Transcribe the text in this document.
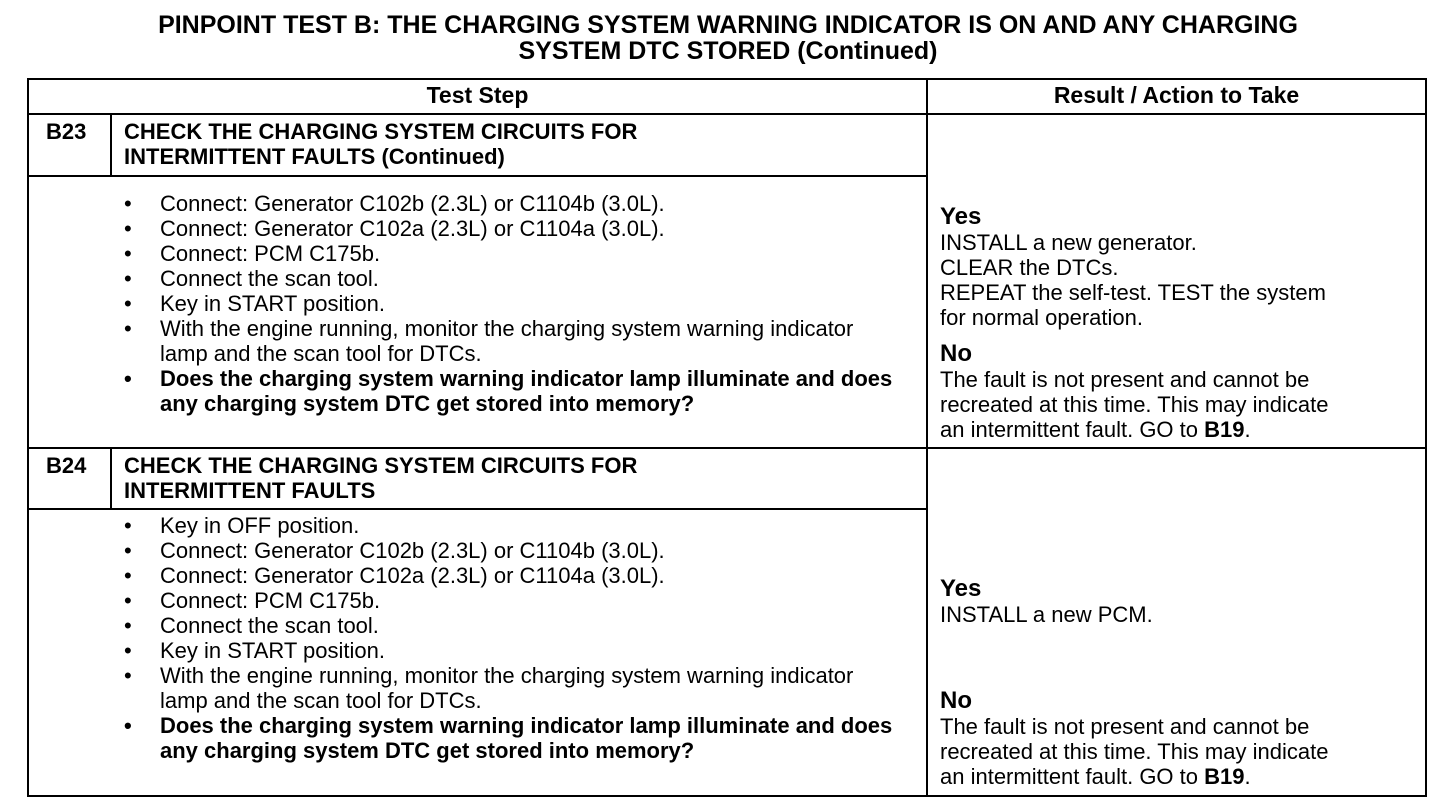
PINPOINT TEST B: THE CHARGING SYSTEM WARNING INDICATOR IS ON AND ANY CHARGING
SYSTEM DTC STORED (Continued)
Test Step	Result / Action to Take
B23 CHECK THE CHARGING SYSTEM CIRCUITS FOR
INTERMITTENT FAULTS (Continued)
• Connect: Generator C102b (2.3L) or C1104b (3.0L).
• Connect: Generator C102a (2.3L) or C1104a (3.0L).
• Connect: PCM C175b.
• Connect the scan tool.
• Key in START position.
• With the engine running, monitor the charging system warning indicator lamp and the scan tool for DTCs.
• Does the charging system warning indicator lamp illuminate and does any charging system DTC get stored into memory?
Yes
INSTALL a new generator.
CLEAR the DTCs.
REPEAT the self-test. TEST the system
for normal operation.
No
The fault is not present and cannot be
recreated at this time. This may indicate
an intermittent fault. GO to B19.
B24 CHECK THE CHARGING SYSTEM CIRCUITS FOR
INTERMITTENT FAULTS
• Key in OFF position.
• Connect: Generator C102b (2.3L) or C1104b (3.0L).
• Connect: Generator C102a (2.3L) or C1104a (3.0L).
• Connect: PCM C175b.
• Connect the scan tool.
• Key in START position.
• With the engine running, monitor the charging system warning indicator lamp and the scan tool for DTCs.
• Does the charging system warning indicator lamp illuminate and does any charging system DTC get stored into memory?
Yes
INSTALL a new PCM.
No
The fault is not present and cannot be
recreated at this time. This may indicate
an intermittent fault. GO to B19.
